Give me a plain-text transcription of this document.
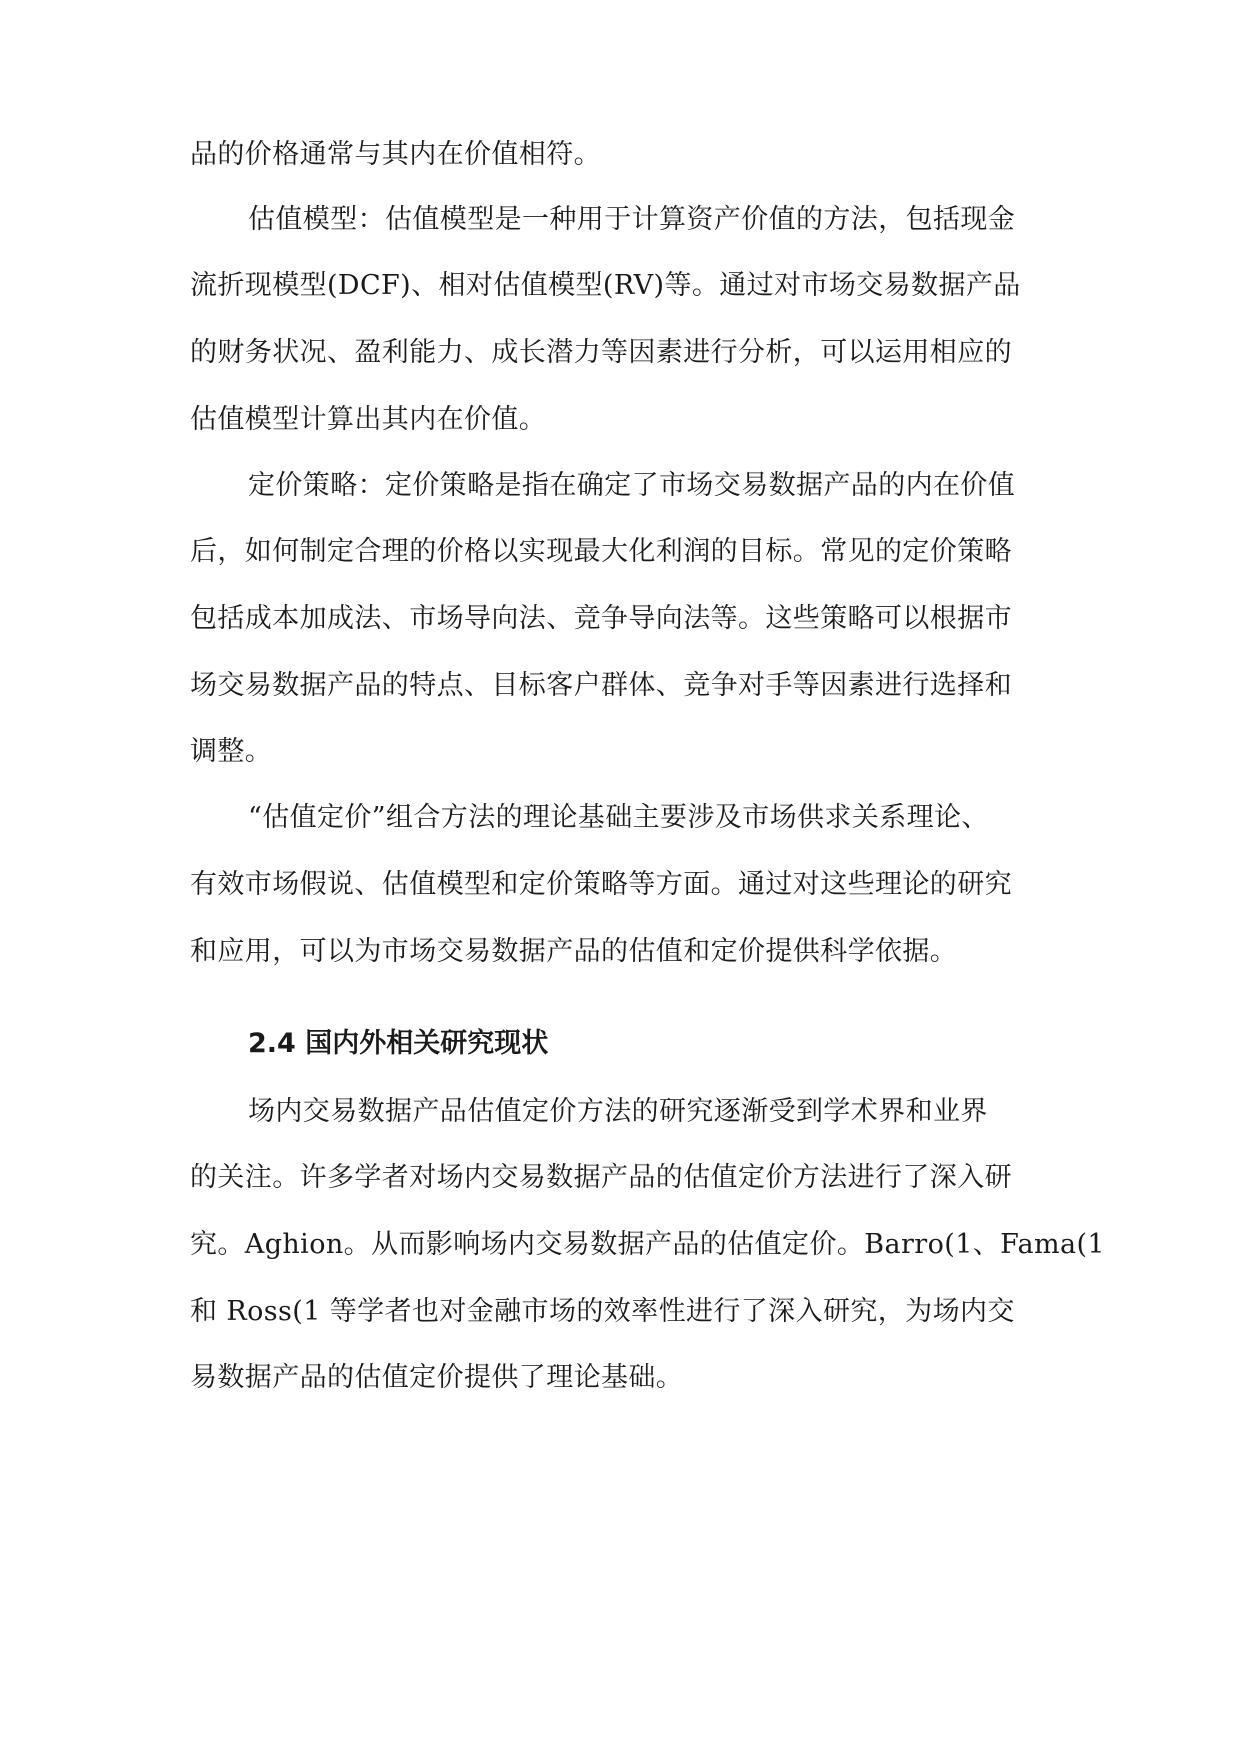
品的价格通常与其内在价值相符。
估值模型：估值模型是一种用于计算资产价值的方法，包括现金
流折现模型(DCF)、相对估值模型(RV)等。通过对市场交易数据产品
的财务状况、盈利能力、成长潜力等因素进行分析，可以运用相应的
估值模型计算出其内在价值。
定价策略：定价策略是指在确定了市场交易数据产品的内在价值
后，如何制定合理的价格以实现最大化利润的目标。常见的定价策略
包括成本加成法、市场导向法、竞争导向法等。这些策略可以根据市
场交易数据产品的特点、目标客户群体、竞争对手等因素进行选择和
调整。
“估值定价”组合方法的理论基础主要涉及市场供求关系理论、
有效市场假说、估值模型和定价策略等方面。通过对这些理论的研究
和应用，可以为市场交易数据产品的估值和定价提供科学依据。
2.4 国内外相关研究现状
场内交易数据产品估值定价方法的研究逐渐受到学术界和业界
的关注。许多学者对场内交易数据产品的估值定价方法进行了深入研
究。Aghion。从而影响场内交易数据产品的估值定价。Barro(1、Fama(1
和 Ross(1 等学者也对金融市场的效率性进行了深入研究，为场内交
易数据产品的估值定价提供了理论基础。
